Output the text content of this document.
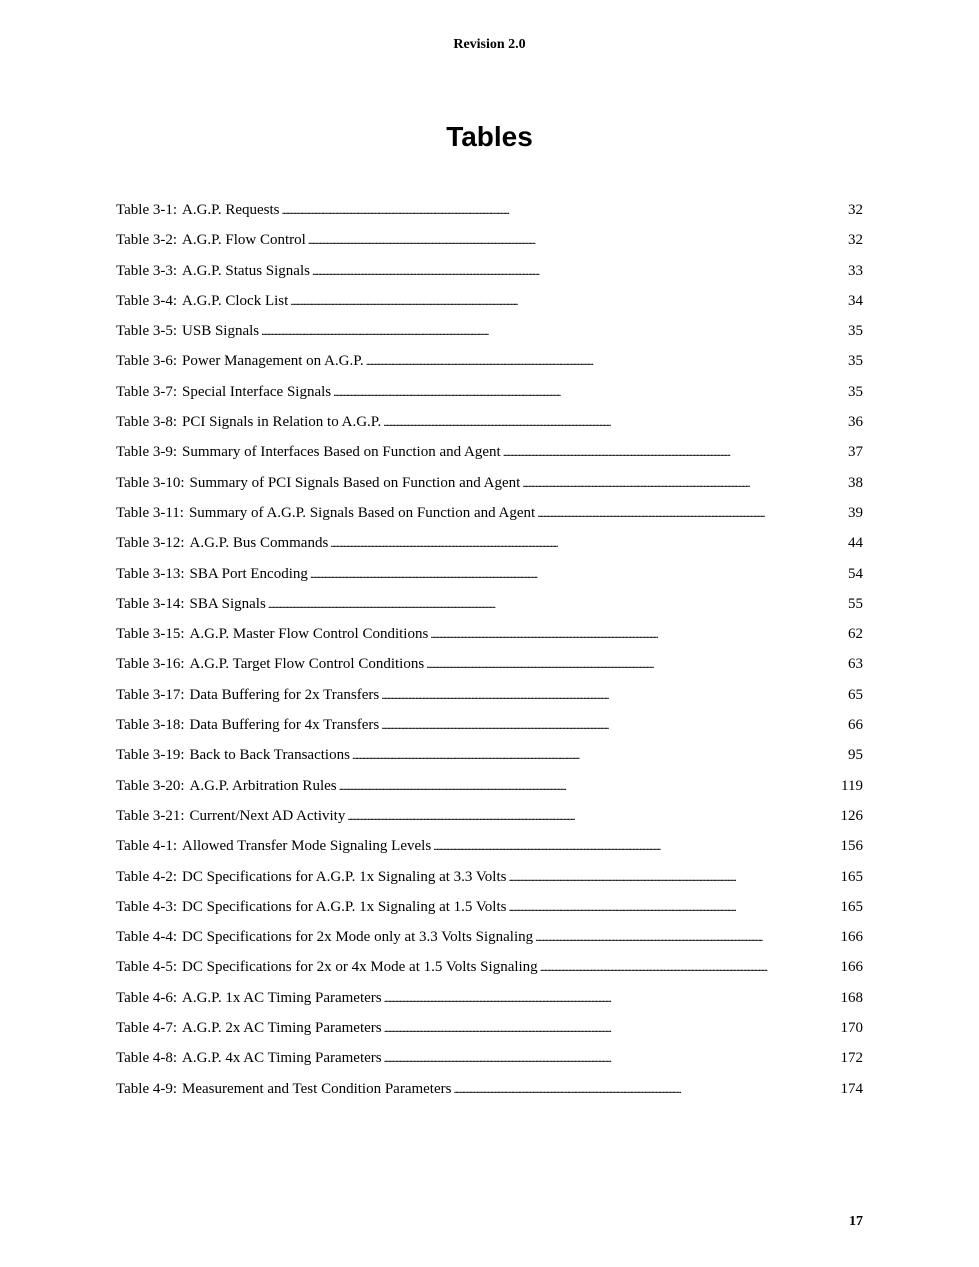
Revision 2.0
Tables
Table 3-1: A.G.P. Requests . . .	32
Table 3-2: A.G.P. Flow Control . . .	32
Table 3-3: A.G.P. Status Signals . . .	33
Table 3-4: A.G.P. Clock List . . .	34
Table 3-5: USB Signals . . .	35
Table 3-6: Power Management on A.G.P. . . .	35
Table 3-7: Special Interface Signals . . .	35
Table 3-8: PCI Signals in Relation to A.G.P. . . .	36
Table 3-9: Summary of Interfaces Based on Function and Agent . . .	37
Table 3-10: Summary of PCI Signals Based on Function and Agent . . .	38
Table 3-11: Summary of A.G.P. Signals Based on Function and Agent . . .	39
Table 3-12: A.G.P. Bus Commands . . .	44
Table 3-13: SBA Port Encoding . . .	54
Table 3-14: SBA Signals . . .	55
Table 3-15: A.G.P. Master Flow Control Conditions . . .	62
Table 3-16: A.G.P. Target Flow Control Conditions . . .	63
Table 3-17: Data Buffering for 2x Transfers . . .	65
Table 3-18: Data Buffering for 4x Transfers . . .	66
Table 3-19: Back to Back Transactions . . .	95
Table 3-20: A.G.P. Arbitration Rules . . .	119
Table 3-21: Current/Next AD Activity . . .	126
Table 4-1: Allowed Transfer Mode Signaling Levels . . .	156
Table 4-2: DC Specifications for A.G.P. 1x Signaling at 3.3 Volts . . .	165
Table 4-3: DC Specifications for A.G.P. 1x Signaling at 1.5 Volts . . .	165
Table 4-4: DC Specifications for 2x Mode only at 3.3 Volts Signaling . . .	166
Table 4-5: DC Specifications for 2x or 4x Mode at 1.5 Volts Signaling . . .	166
Table 4-6: A.G.P. 1x AC Timing Parameters . . .	168
Table 4-7: A.G.P. 2x AC Timing Parameters . . .	170
Table 4-8: A.G.P. 4x AC Timing Parameters . . .	172
Table 4-9: Measurement and Test Condition Parameters . . .	174
17
